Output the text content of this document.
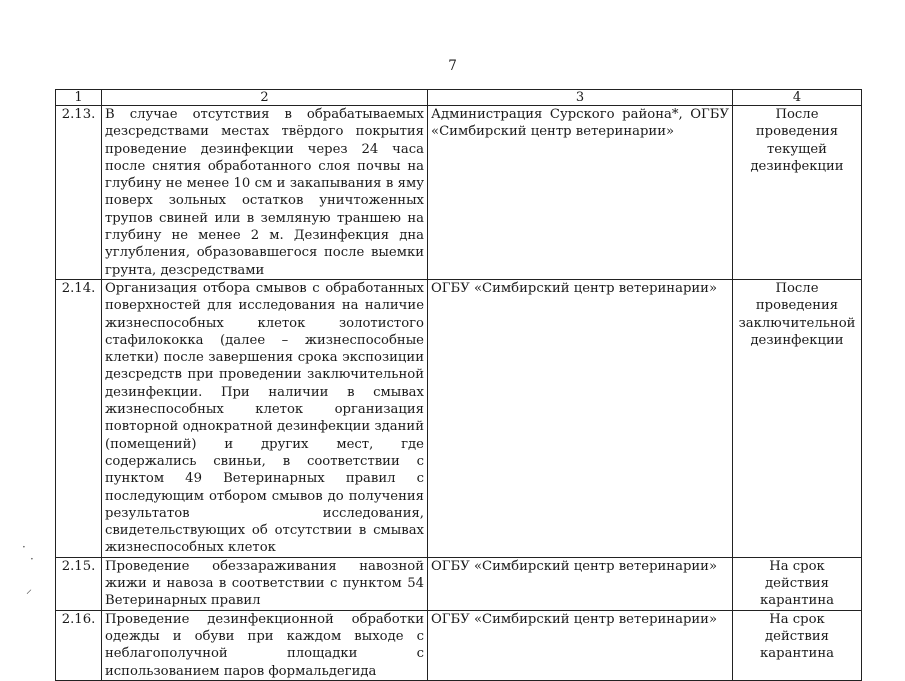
7
1	2	3	4
2.13.	В случае отсутствия в обрабатываемых дезсредствами местах твёрдого покрытия проведение дезинфекции через 24 часа после снятия обработанного слоя почвы на глубину не менее 10 см и закапывания в яму поверх зольных остатков уничтоженных трупов свиней или в земляную траншею на глубину не менее 2 м. Дезинфекция дна углубления, образовавшегося после выемки грунта, дезсредствами	Администрация Сурского района*, ОГБУ «Симбирский центр ветеринарии»	После проведения текущей дезинфекции
2.14.	Организация отбора смывов с обработанных поверхностей для исследования на наличие жизнеспособных клеток золотистого стафилококка (далее – жизнеспособные клетки) после завершения срока экспозиции дезсредств при проведении заключительной дезинфекции. При наличии в смывах жизнеспособных клеток организация повторной однократной дезинфекции зданий (помещений) и других мест, где содержались свиньи, в соответствии с пунктом 49 Ветеринарных правил с последующим отбором смывов до получения результатов исследования, свидетельствующих об отсутствии в смывах жизнеспособных клеток	ОГБУ «Симбирский центр ветеринарии»	После проведения заключительной дезинфекции
2.15.	Проведение обеззараживания навозной жижи и навоза в соответствии с пунктом 54 Ветеринарных правил	ОГБУ «Симбирский центр ветеринарии»	На срок действия карантина
2.16.	Проведение дезинфекционной обработки одежды и обуви при каждом выходе с неблагополучной площадки с использованием паров формальдегида	ОГБУ «Симбирский центр ветеринарии»	На срок действия карантина
·
·
⸝
